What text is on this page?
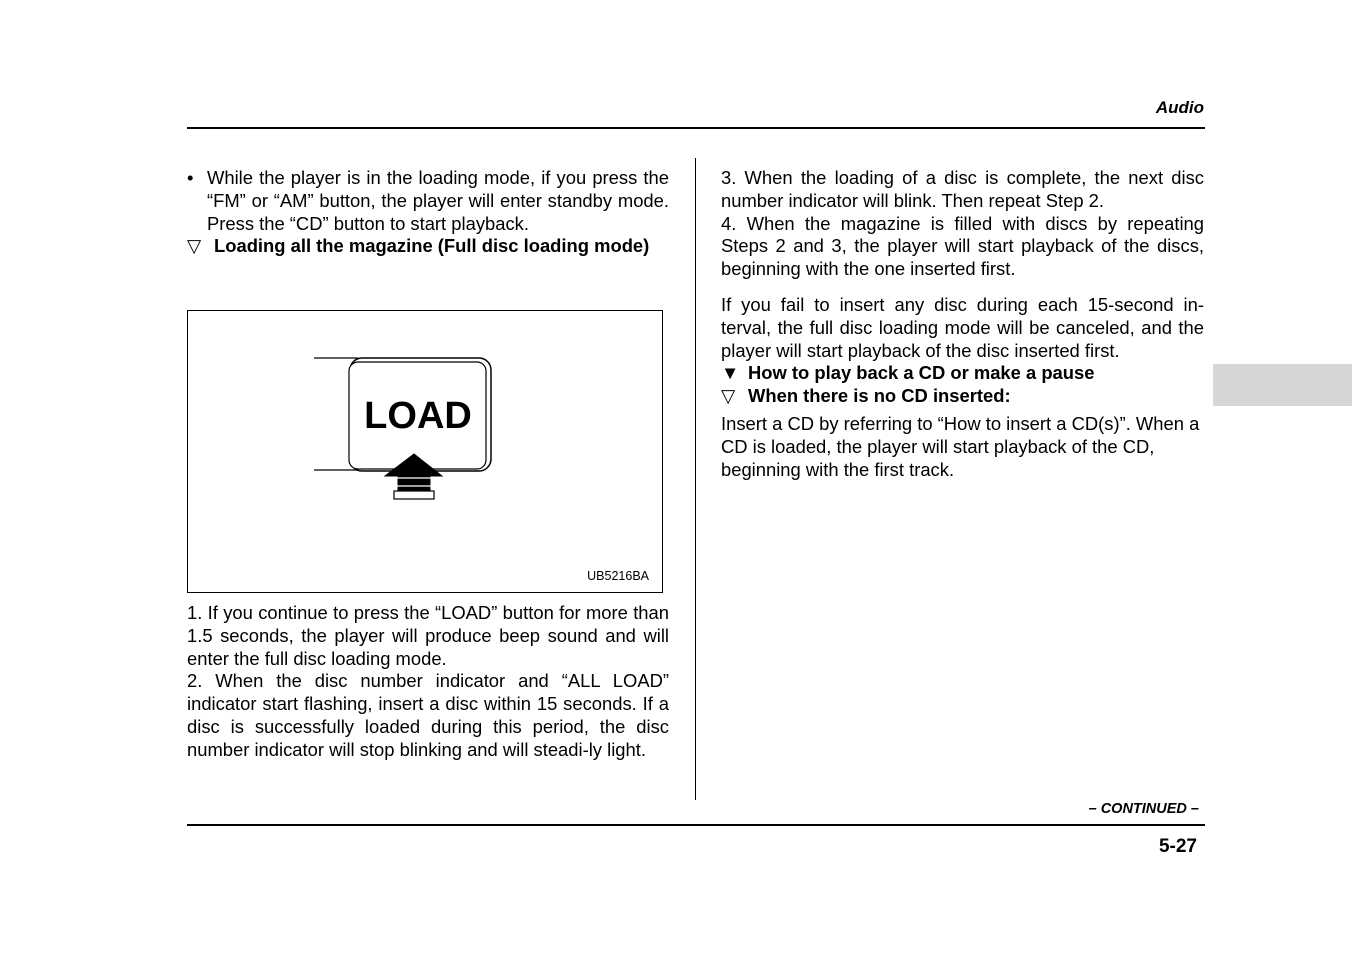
Audio
• While the player is in the loading mode, if you press the “FM” or “AM” button, the player will enter standby mode. Press the “CD” button to start playback.
▽ Loading all the magazine (Full disc loading mode)
LOAD
UB5216BA

1. If you continue to press the “LOAD” button for more than 1.5 seconds, the player will produce beep sound and will enter the full disc loading mode.

2. When the disc number indicator and “ALL LOAD” indicator start flashing, insert a disc within 15 seconds. If a disc is successfully loaded during this period, the disc number indicator will stop blinking and will steadi-ly light.

3. When the loading of a disc is complete, the next disc number indicator will blink. Then repeat Step 2.

4. When the magazine is filled with discs by repeating Steps 2 and 3, the player will start playback of the discs, beginning with the one inserted first.

If you fail to insert any disc during each 15-second in-terval, the full disc loading mode will be canceled, and the player will start playback of the disc inserted first.

▼ How to play back a CD or make a pause
▽ When there is no CD inserted:

Insert a CD by referring to “How to insert a CD(s)”. When a CD is loaded, the player will start playback of the CD, beginning with the first track.

– CONTINUED –
5-27
